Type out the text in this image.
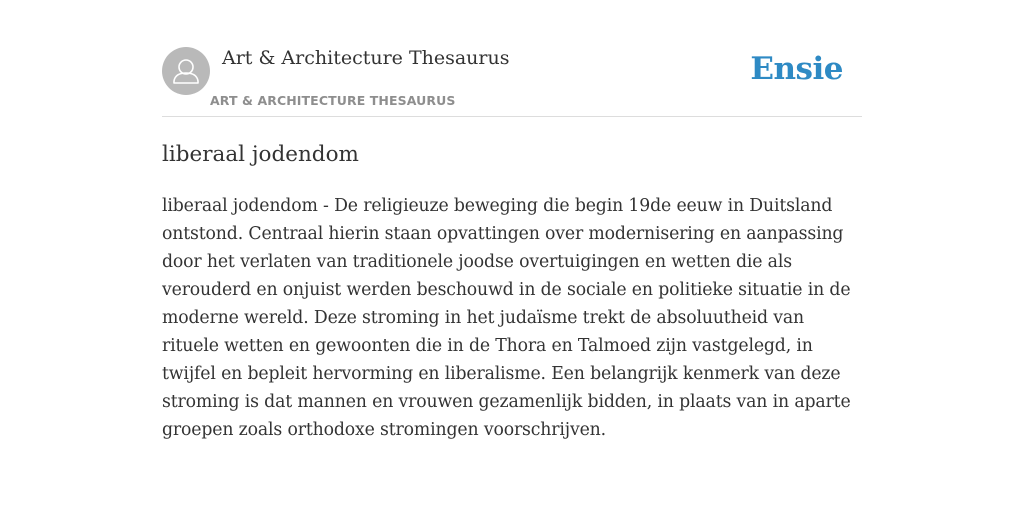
Art & Architecture Thesaurus
ART & ARCHITECTURE THESAURUS
Ensie
liberaal jodendom

liberaal jodendom - De religieuze beweging die begin 19de eeuw in Duitsland ontstond. Centraal hierin staan opvattingen over modernisering en aanpassing door het verlaten van traditionele joodse overtuigingen en wetten die als verouderd en onjuist werden beschouwd in de sociale en politieke situatie in de moderne wereld. Deze stroming in het judaïsme trekt de absoluutheid van rituele wetten en gewoonten die in de Thora en Talmoed zijn vastgelegd, in twijfel en bepleit hervorming en liberalisme. Een belangrijk kenmerk van deze stroming is dat mannen en vrouwen gezamenlijk bidden, in plaats van in aparte groepen zoals orthodoxe stromingen voorschrijven.
